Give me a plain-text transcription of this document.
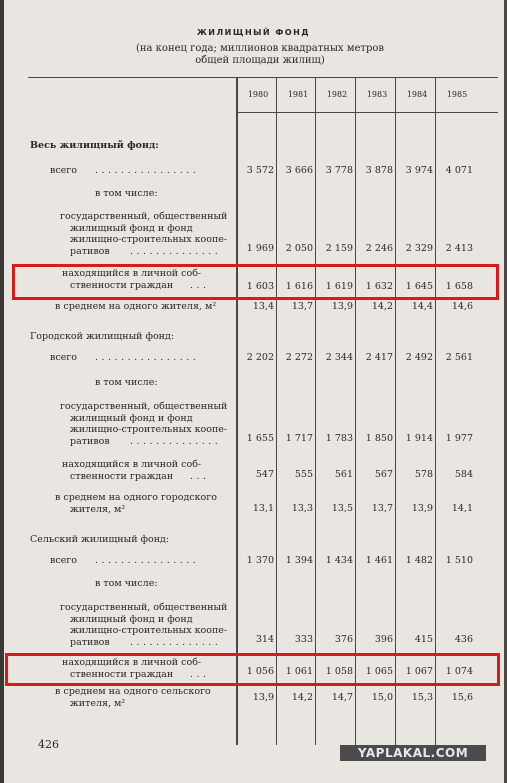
ЖИЛИЩНЫЙ ФОНД
(на конец года; миллионов квадратных метров
общей площади жилищ)
1980	1981	1982	1983	1984	1985
Весь жилищный фонд:
всего ................	3 572	3 666	3 778	3 878	3 974	4 071
в том числе:
государственный, общественный
жилищный фонд и фонд
жилищно-строительных коопе-
ративов ..............	1 969	2 050	2 159	2 246	2 329	2 413
находящийся в личной соб-
ственности граждан ...	1 603	1 616	1 619	1 632	1 645	1 658
в среднем на одного жителя, м²	13,4	13,7	13,9	14,2	14,4	14,6
Городской жилищный фонд:
всего ................	2 202	2 272	2 344	2 417	2 492	2 561
в том числе:
государственный, общественный
жилищный фонд и фонд
жилищно-строительных коопе-
ративов ..............	1 655	1 717	1 783	1 850	1 914	1 977
находящийся в личной соб-
ственности граждан ...	547	555	561	567	578	584
в среднем на одного городского
жителя, м²	13,1	13,3	13,5	13,7	13,9	14,1
Сельский жилищный фонд:
всего ................	1 370	1 394	1 434	1 461	1 482	1 510
в том числе:
государственный, общественный
жилищный фонд и фонд
жилищно-строительных коопе-
ративов ..............	314	333	376	396	415	436
находящийся в личной соб-
ственности граждан ...	1 056	1 061	1 058	1 065	1 067	1 074
в среднем на одного сельского
жителя, м²	13,9	14,2	14,7	15,0	15,3	15,6
426
YAPLAKAL.COM
